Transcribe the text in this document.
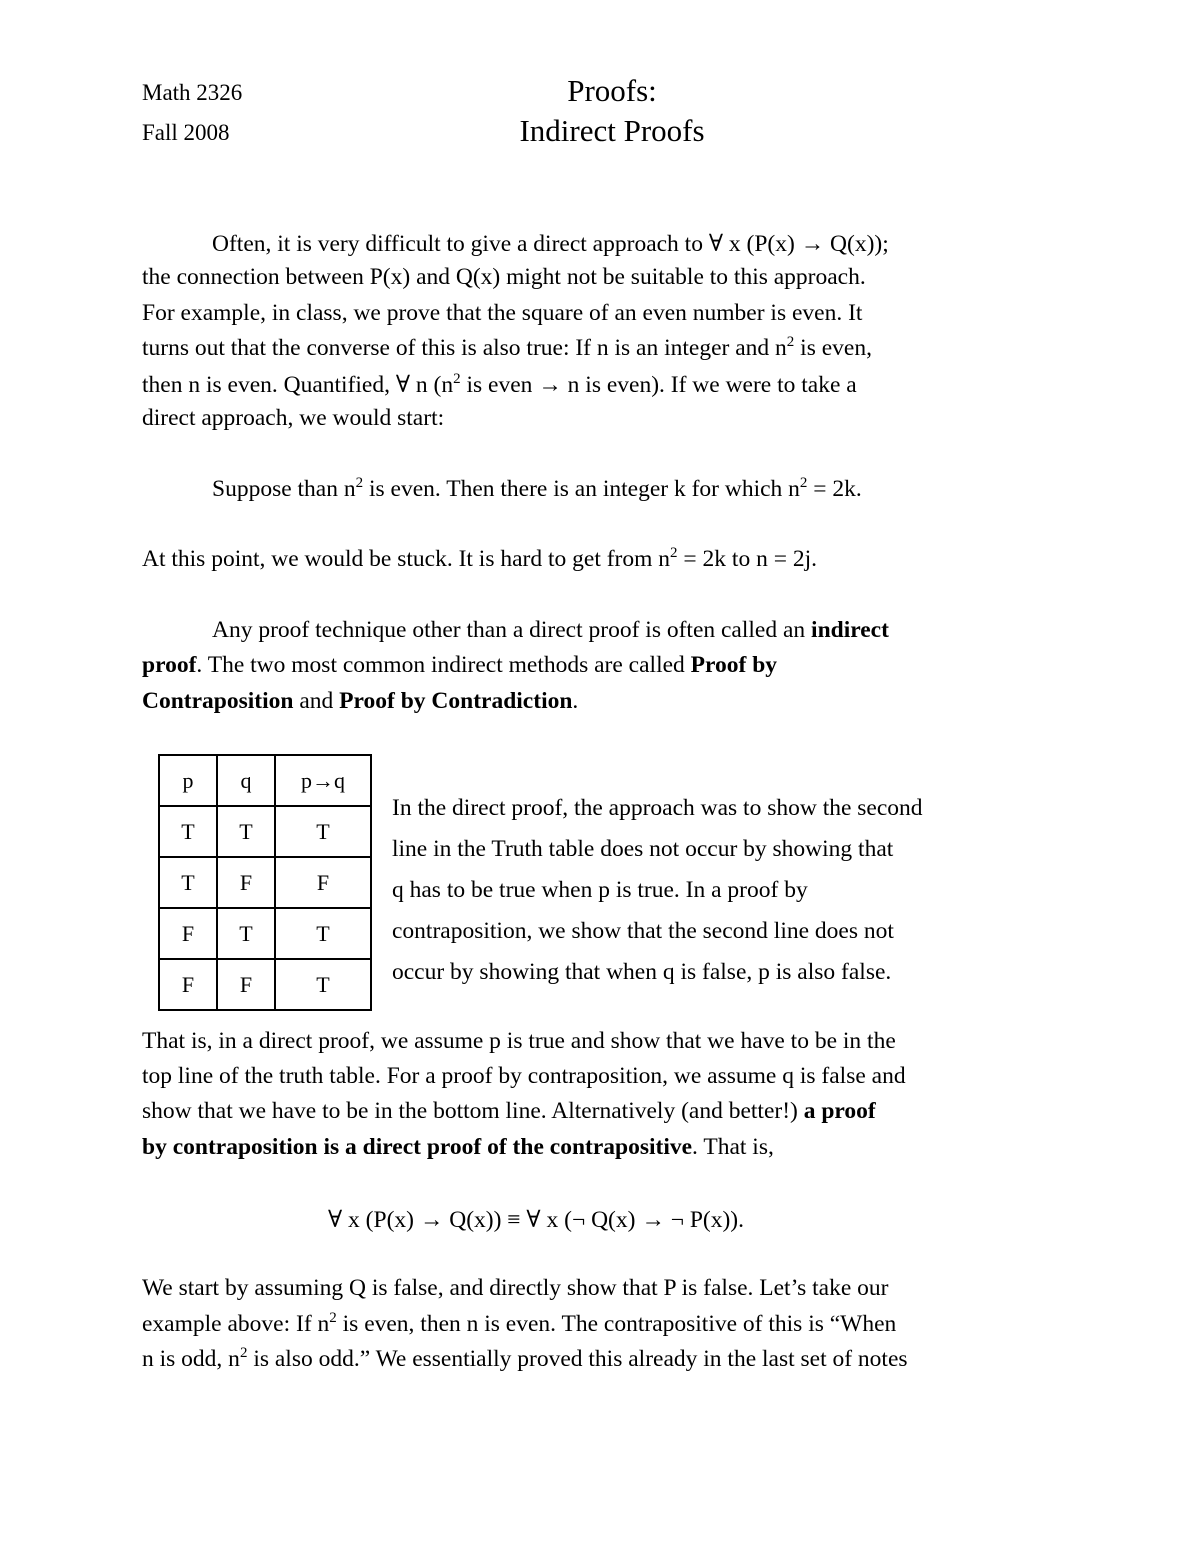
Math 2326

Fall 2008

Proofs:

Indirect Proofs

Often, it is very difficult to give a direct approach to ∀ x (P(x) → Q(x));

the connection between P(x) and Q(x) might not be suitable to this approach.

For example, in class, we prove that the square of an even number is even. It

turns out that the converse of this is also true: If n is an integer and $n^2$ is even,

then n is even. Quantified, ∀ n ($n^2$ is even → n is even). If we were to take a

direct approach, we would start:

Suppose than $n^2$ is even. Then there is an integer k for which $n^2 = 2k$.

At this point, we would be stuck. It is hard to get from $n^2 = 2k$ to n = 2j.

Any proof technique other than a direct proof is often called an indirect

proof. The two most common indirect methods are called Proof by

Contraposition and Proof by Contradiction.

p	q	p→q
T	T	T
T	F	F
F	T	T
F	F	T

In the direct proof, the approach was to show the second

line in the Truth table does not occur by showing that

q has to be true when p is true. In a proof by

contraposition, we show that the second line does not

occur by showing that when q is false, p is also false.

That is, in a direct proof, we assume p is true and show that we have to be in the

top line of the truth table. For a proof by contraposition, we assume q is false and

show that we have to be in the bottom line. Alternatively (and better!) a proof

by contraposition is a direct proof of the contrapositive. That is,

∀ x (P(x) → Q(x)) ≡ ∀ x (¬ Q(x) → ¬ P(x)).

We start by assuming Q is false, and directly show that P is false. Let’s take our

example above: If $n^2$ is even, then n is even. The contrapositive of this is “When

n is odd, $n^2$ is also odd.” We essentially proved this already in the last set of notes
